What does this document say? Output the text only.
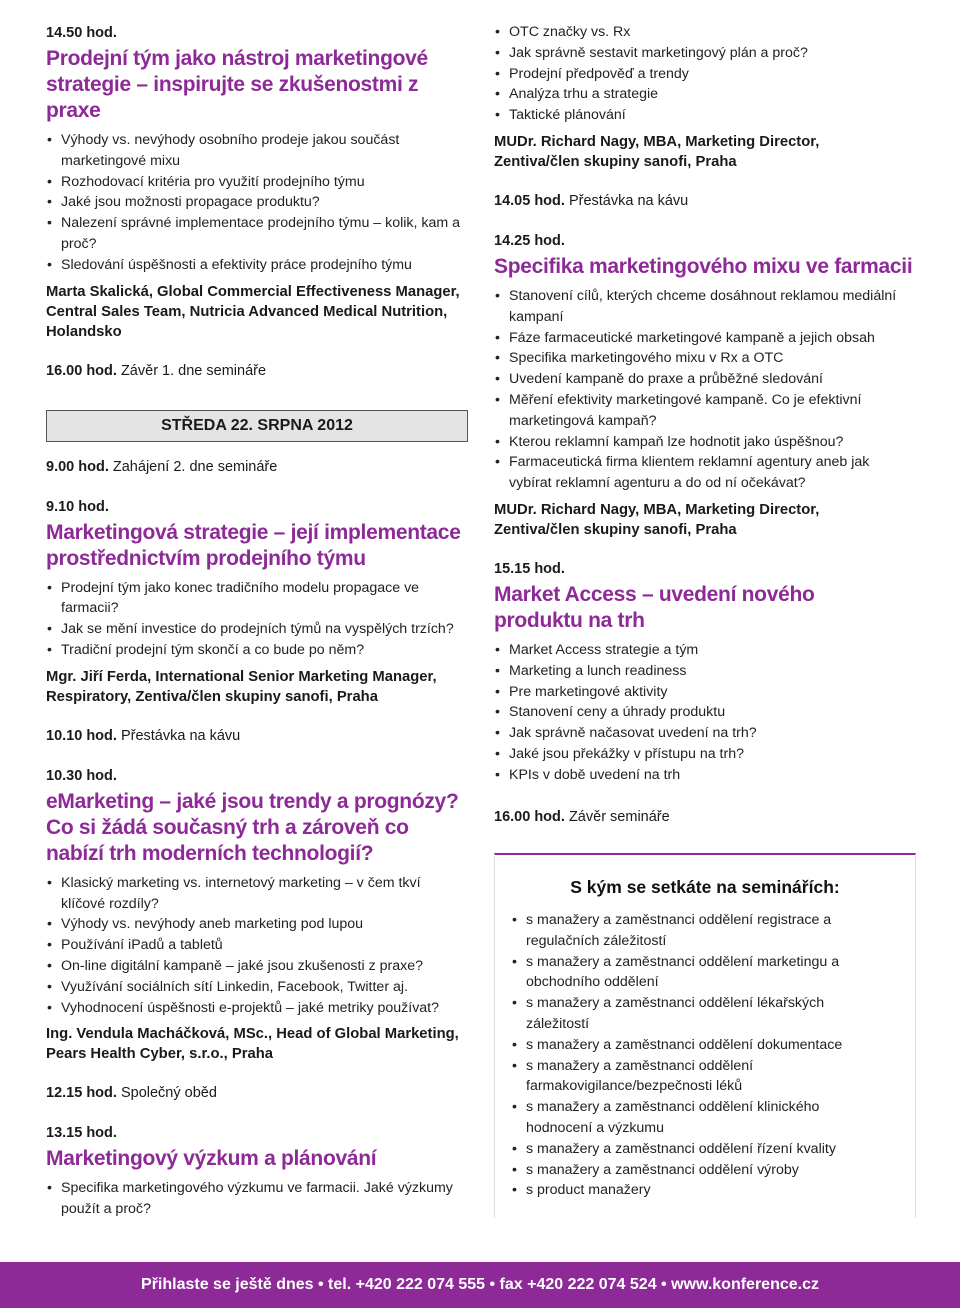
14.50 hod.
Prodejní tým jako nástroj marketingové strategie – inspirujte se zkušenostmi z praxe
• Výhody vs. nevýhody osobního prodeje jakou součást marketingové mixu
• Rozhodovací kritéria pro využití prodejního týmu
• Jaké jsou možnosti propagace produktu?
• Nalezení správné implementace prodejního týmu – kolik, kam a proč?
• Sledování úspěšnosti a efektivity práce prodejního týmu
Marta Skalická, Global Commercial Effectiveness Manager, Central Sales Team, Nutricia Advanced Medical Nutrition, Holandsko
16.00 hod. Závěr 1. dne semináře
STŘEDA 22. SRPNA 2012
9.00 hod. Zahájení 2. dne semináře
9.10 hod.
Marketingová strategie – její implementace prostřednictvím prodejního týmu
• Prodejní tým jako konec tradičního modelu propagace ve farmacii?
• Jak se mění investice do prodejních týmů na vyspělých trzích?
• Tradiční prodejní tým skončí a co bude po něm?
Mgr. Jiří Ferda, International Senior Marketing Manager, Respiratory, Zentiva/člen skupiny sanofi, Praha
10.10 hod. Přestávka na kávu
10.30 hod.
eMarketing – jaké jsou trendy a prognózy? Co si žádá současný trh a zároveň co nabízí trh moderních technologií?
• Klasický marketing vs. internetový marketing – v čem tkví klíčové rozdíly?
• Výhody vs. nevýhody aneb marketing pod lupou
• Používání iPadů a tabletů
• On-line digitální kampaně – jaké jsou zkušenosti z praxe?
• Využívání sociálních sítí Linkedin, Facebook, Twitter aj.
• Vyhodnocení úspěšnosti e-projektů – jaké metriky používat?
Ing. Vendula Macháčková, MSc., Head of Global Marketing, Pears Health Cyber, s.r.o., Praha
12.15 hod. Společný oběd
13.15 hod.
Marketingový výzkum a plánování
• Specifika marketingového výzkumu ve farmacii. Jaké výzkumy použít a proč?
• OTC značky vs. Rx
• Jak správně sestavit marketingový plán a proč?
• Prodejní předpověď a trendy
• Analýza trhu a strategie
• Taktické plánování
MUDr. Richard Nagy, MBA, Marketing Director, Zentiva/člen skupiny sanofi, Praha
14.05 hod. Přestávka na kávu
14.25 hod.
Specifika marketingového mixu ve farmacii
• Stanovení cílů, kterých chceme dosáhnout reklamou mediální kampaní
• Fáze farmaceutické marketingové kampaně a jejich obsah
• Specifika marketingového mixu v Rx a OTC
• Uvedení kampaně do praxe a průběžné sledování
• Měření efektivity marketingové kampaně. Co je efektivní marketingová kampaň?
• Kterou reklamní kampaň lze hodnotit jako úspěšnou?
• Farmaceutická firma klientem reklamní agentury aneb jak vybírat reklamní agenturu a do od ní očekávat?
MUDr. Richard Nagy, MBA, Marketing Director, Zentiva/člen skupiny sanofi, Praha
15.15 hod.
Market Access – uvedení nového produktu na trh
• Market Access strategie a tým
• Marketing a lunch readiness
• Pre marketingové aktivity
• Stanovení ceny a úhrady produktu
• Jak správně načasovat uvedení na trh?
• Jaké jsou překážky v přístupu na trh?
• KPIs v době uvedení na trh
16.00 hod. Závěr semináře
S kým se setkáte na seminářích:
• s manažery a zaměstnanci oddělení registrace a regulačních záležitostí
• s manažery a zaměstnanci oddělení marketingu a obchodního oddělení
• s manažery a zaměstnanci oddělení lékařských záležitostí
• s manažery a zaměstnanci oddělení dokumentace
• s manažery a zaměstnanci oddělení farmakovigilance/bezpečnosti léků
• s manažery a zaměstnanci oddělení klinického hodnocení a výzkumu
• s manažery a zaměstnanci oddělení řízení kvality
• s manažery a zaměstnanci oddělení výroby
• s product manažery
Přihlaste se ještě dnes • tel. +420 222 074 555 • fax +420 222 074 524 • www.konference.cz
